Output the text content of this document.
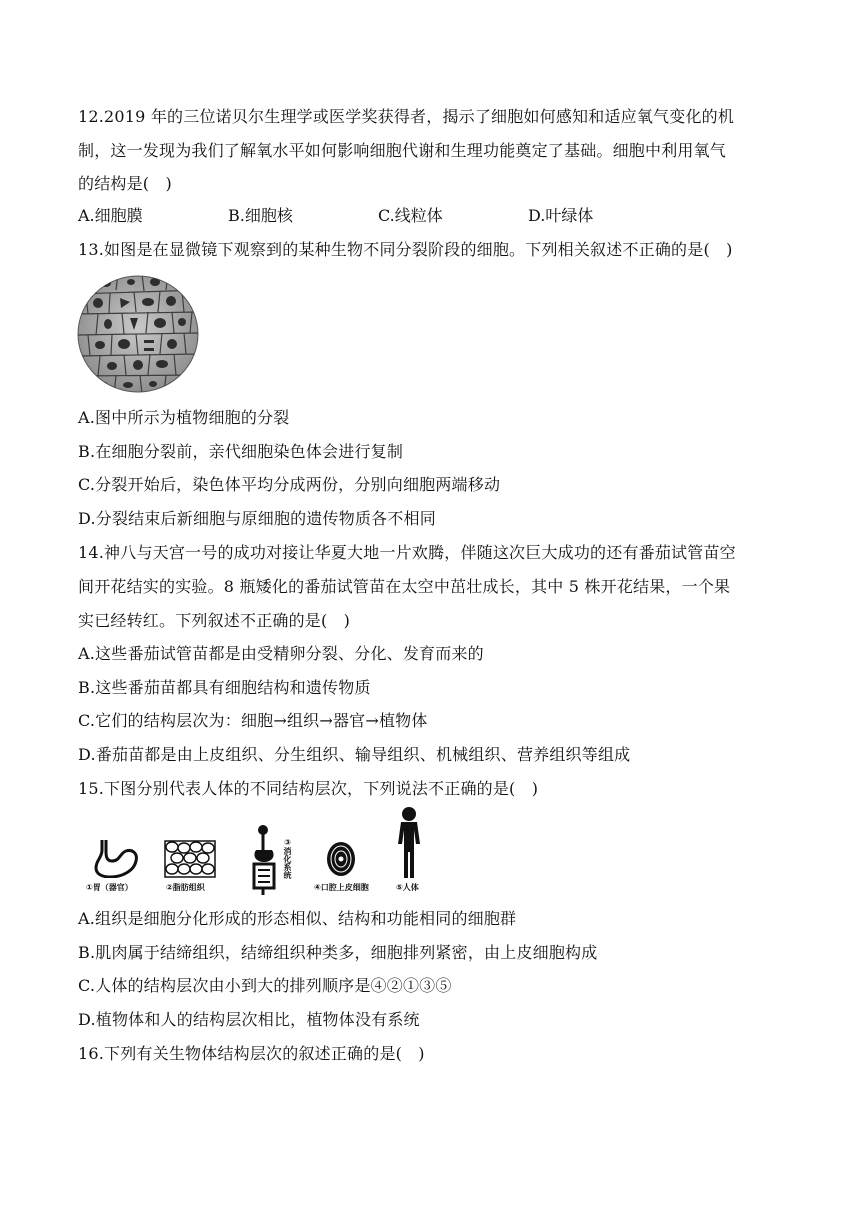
12.2019 年的三位诺贝尔生理学或医学奖获得者，揭示了细胞如何感知和适应氧气变化的机
制，这一发现为我们了解氧水平如何影响细胞代谢和生理功能奠定了基础。细胞中利用氧气
的结构是(　)
A.细胞膜	B.细胞核	C.线粒体	D.叶绿体
13.如图是在显微镜下观察到的某种生物不同分裂阶段的细胞。下列相关叙述不正确的是(　)
A.图中所示为植物细胞的分裂
B.在细胞分裂前，亲代细胞染色体会进行复制
C.分裂开始后，染色体平均分成两份，分别向细胞两端移动
D.分裂结束后新细胞与原细胞的遗传物质各不相同
14.神八与天宫一号的成功对接让华夏大地一片欢腾，伴随这次巨大成功的还有番茄试管苗空
间开花结实的实验。8 瓶矮化的番茄试管苗在太空中茁壮成长，其中 5 株开花结果，一个果
实已经转红。下列叙述不正确的是(　)
A.这些番茄试管苗都是由受精卵分裂、分化、发育而来的
B.这些番茄苗都具有细胞结构和遗传物质
C.它们的结构层次为：细胞→组织→器官→植物体
D.番茄苗都是由上皮组织、分生组织、输导组织、机械组织、营养组织等组成
15.下图分别代表人体的不同结构层次，下列说法不正确的是(　)
①胃（器官）	②脂肪组织
③消化系统
④口腔上皮细胞	⑤人体
A.组织是细胞分化形成的形态相似、结构和功能相同的细胞群
B.肌肉属于结缔组织，结缔组织种类多，细胞排列紧密，由上皮细胞构成
C.人体的结构层次由小到大的排列顺序是④②①③⑤
D.植物体和人的结构层次相比，植物体没有系统
16.下列有关生物体结构层次的叙述正确的是(　)
